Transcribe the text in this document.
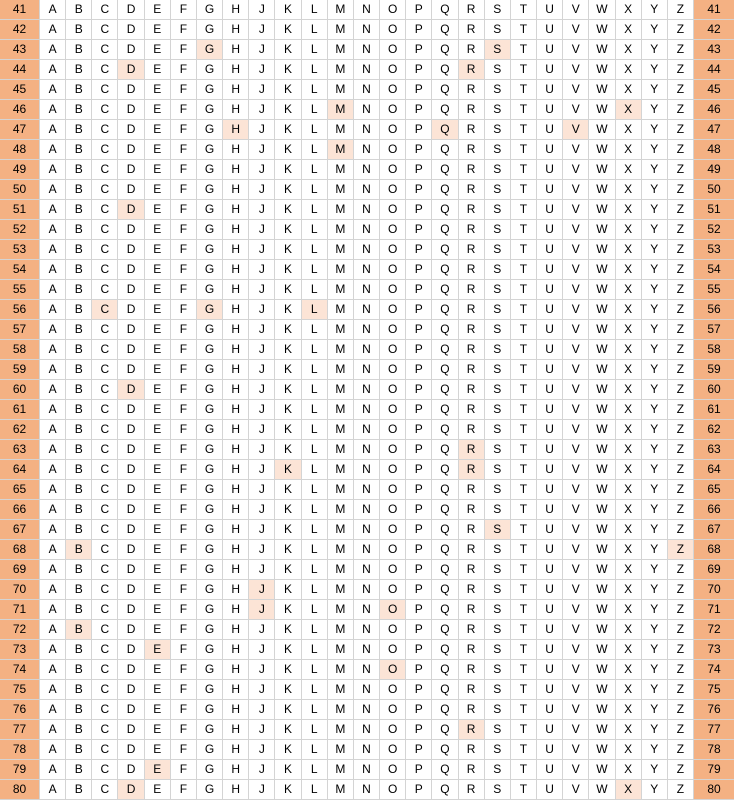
41	A	B	C	D	E	F	G	H	J	K	L	M	N	O	P	Q	R	S	T	U	V	W	X	Y	Z	41
42	A	B	C	D	E	F	G	H	J	K	L	M	N	O	P	Q	R	S	T	U	V	W	X	Y	Z	42
43	A	B	C	D	E	F	G	H	J	K	L	M	N	O	P	Q	R	S	T	U	V	W	X	Y	Z	43
44	A	B	C	D	E	F	G	H	J	K	L	M	N	O	P	Q	R	S	T	U	V	W	X	Y	Z	44
45	A	B	C	D	E	F	G	H	J	K	L	M	N	O	P	Q	R	S	T	U	V	W	X	Y	Z	45
46	A	B	C	D	E	F	G	H	J	K	L	M	N	O	P	Q	R	S	T	U	V	W	X	Y	Z	46
47	A	B	C	D	E	F	G	H	J	K	L	M	N	O	P	Q	R	S	T	U	V	W	X	Y	Z	47
48	A	B	C	D	E	F	G	H	J	K	L	M	N	O	P	Q	R	S	T	U	V	W	X	Y	Z	48
49	A	B	C	D	E	F	G	H	J	K	L	M	N	O	P	Q	R	S	T	U	V	W	X	Y	Z	49
50	A	B	C	D	E	F	G	H	J	K	L	M	N	O	P	Q	R	S	T	U	V	W	X	Y	Z	50
51	A	B	C	D	E	F	G	H	J	K	L	M	N	O	P	Q	R	S	T	U	V	W	X	Y	Z	51
52	A	B	C	D	E	F	G	H	J	K	L	M	N	O	P	Q	R	S	T	U	V	W	X	Y	Z	52
53	A	B	C	D	E	F	G	H	J	K	L	M	N	O	P	Q	R	S	T	U	V	W	X	Y	Z	53
54	A	B	C	D	E	F	G	H	J	K	L	M	N	O	P	Q	R	S	T	U	V	W	X	Y	Z	54
55	A	B	C	D	E	F	G	H	J	K	L	M	N	O	P	Q	R	S	T	U	V	W	X	Y	Z	55
56	A	B	C	D	E	F	G	H	J	K	L	M	N	O	P	Q	R	S	T	U	V	W	X	Y	Z	56
57	A	B	C	D	E	F	G	H	J	K	L	M	N	O	P	Q	R	S	T	U	V	W	X	Y	Z	57
58	A	B	C	D	E	F	G	H	J	K	L	M	N	O	P	Q	R	S	T	U	V	W	X	Y	Z	58
59	A	B	C	D	E	F	G	H	J	K	L	M	N	O	P	Q	R	S	T	U	V	W	X	Y	Z	59
60	A	B	C	D	E	F	G	H	J	K	L	M	N	O	P	Q	R	S	T	U	V	W	X	Y	Z	60
61	A	B	C	D	E	F	G	H	J	K	L	M	N	O	P	Q	R	S	T	U	V	W	X	Y	Z	61
62	A	B	C	D	E	F	G	H	J	K	L	M	N	O	P	Q	R	S	T	U	V	W	X	Y	Z	62
63	A	B	C	D	E	F	G	H	J	K	L	M	N	O	P	Q	R	S	T	U	V	W	X	Y	Z	63
64	A	B	C	D	E	F	G	H	J	K	L	M	N	O	P	Q	R	S	T	U	V	W	X	Y	Z	64
65	A	B	C	D	E	F	G	H	J	K	L	M	N	O	P	Q	R	S	T	U	V	W	X	Y	Z	65
66	A	B	C	D	E	F	G	H	J	K	L	M	N	O	P	Q	R	S	T	U	V	W	X	Y	Z	66
67	A	B	C	D	E	F	G	H	J	K	L	M	N	O	P	Q	R	S	T	U	V	W	X	Y	Z	67
68	A	B	C	D	E	F	G	H	J	K	L	M	N	O	P	Q	R	S	T	U	V	W	X	Y	Z	68
69	A	B	C	D	E	F	G	H	J	K	L	M	N	O	P	Q	R	S	T	U	V	W	X	Y	Z	69
70	A	B	C	D	E	F	G	H	J	K	L	M	N	O	P	Q	R	S	T	U	V	W	X	Y	Z	70
71	A	B	C	D	E	F	G	H	J	K	L	M	N	O	P	Q	R	S	T	U	V	W	X	Y	Z	71
72	A	B	C	D	E	F	G	H	J	K	L	M	N	O	P	Q	R	S	T	U	V	W	X	Y	Z	72
73	A	B	C	D	E	F	G	H	J	K	L	M	N	O	P	Q	R	S	T	U	V	W	X	Y	Z	73
74	A	B	C	D	E	F	G	H	J	K	L	M	N	O	P	Q	R	S	T	U	V	W	X	Y	Z	74
75	A	B	C	D	E	F	G	H	J	K	L	M	N	O	P	Q	R	S	T	U	V	W	X	Y	Z	75
76	A	B	C	D	E	F	G	H	J	K	L	M	N	O	P	Q	R	S	T	U	V	W	X	Y	Z	76
77	A	B	C	D	E	F	G	H	J	K	L	M	N	O	P	Q	R	S	T	U	V	W	X	Y	Z	77
78	A	B	C	D	E	F	G	H	J	K	L	M	N	O	P	Q	R	S	T	U	V	W	X	Y	Z	78
79	A	B	C	D	E	F	G	H	J	K	L	M	N	O	P	Q	R	S	T	U	V	W	X	Y	Z	79
80	A	B	C	D	E	F	G	H	J	K	L	M	N	O	P	Q	R	S	T	U	V	W	X	Y	Z	80
